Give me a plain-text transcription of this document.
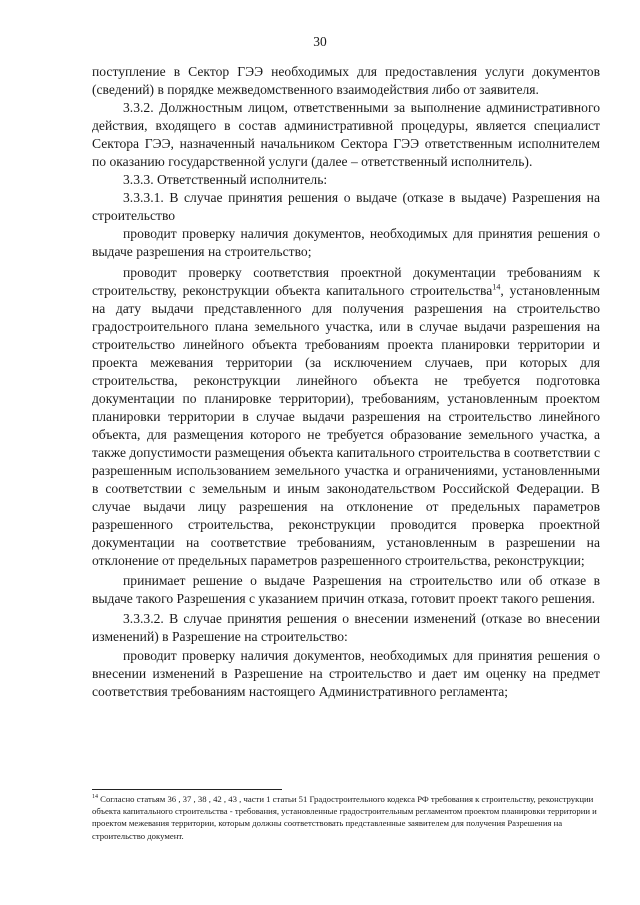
30

поступление в Сектор ГЭЭ необходимых для предоставления услуги документов (сведений) в порядке межведомственного взаимодействия либо от заявителя.

3.3.2. Должностным лицом, ответственными за выполнение административного действия, входящего в состав административной процедуры, является специалист Сектора ГЭЭ, назначенный начальником Сектора ГЭЭ ответственным исполнителем по оказанию государственной услуги (далее – ответственный исполнитель).

3.3.3. Ответственный исполнитель:

3.3.3.1. В случае принятия решения о выдаче (отказе в выдаче) Разрешения на строительство

проводит проверку наличия документов, необходимых для принятия решения о выдаче разрешения на строительство;

проводит проверку соответствия проектной документации требованиям к строительству, реконструкции объекта капитального строительства$^{14}$, установленным на дату выдачи представленного для получения разрешения на строительство градостроительного плана земельного участка, или в случае выдачи разрешения на строительство линейного объекта требованиям проекта планировки территории и проекта межевания территории (за исключением случаев, при которых для строительства, реконструкции линейного объекта не требуется подготовка документации по планировке территории), требованиям, установленным проектом планировки территории в случае выдачи разрешения на строительство линейного объекта, для размещения которого не требуется образование земельного участка, а также допустимости размещения объекта капитального строительства в соответствии с разрешенным использованием земельного участка и ограничениями, установленными в соответствии с земельным и иным законодательством Российской Федерации. В случае выдачи лицу разрешения на отклонение от предельных параметров разрешенного строительства, реконструкции проводится проверка проектной документации на соответствие требованиям, установленным в разрешении на отклонение от предельных параметров разрешенного строительства, реконструкции;

принимает решение о выдаче Разрешения на строительство или об отказе в выдаче такого Разрешения с указанием причин отказа, готовит проект такого решения.

3.3.3.2. В случае принятия решения о внесении изменений (отказе во внесении изменений) в Разрешение на строительство:

проводит проверку наличия документов, необходимых для принятия решения о внесении изменений в Разрешение на строительство и дает им оценку на предмет соответствия требованиям настоящего Административного регламента;

$^{14}$ Согласно статьям 36 , 37 , 38 , 42 , 43 , части 1 статьи 51 Градостроительного кодекса РФ требования к строительству, реконструкции объекта капитального строительства - требования, установленные градостроительным регламентом проектом планировки территории и проектом межевания территории, которым должны соответствовать представленные заявителем для получения Разрешения на строительство документ.
